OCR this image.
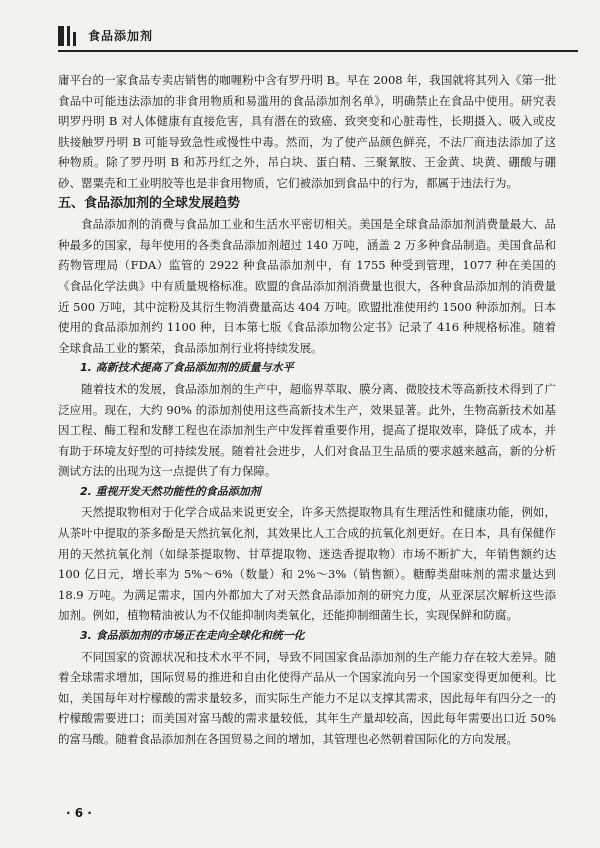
食品添加剂

庸平台的一家食品专卖店销售的咖喱粉中含有罗丹明 B。早在 2008 年，我国就将其列入《第一批食品中可能违法添加的非食用物质和易滥用的食品添加剂名单》，明确禁止在食品中使用。研究表明罗丹明 B 对人体健康有直接危害，具有潜在的致癌、致突变和心脏毒性，长期摄入、吸入或皮肤接触罗丹明 B 可能导致急性或慢性中毒。然而，为了使产品颜色鲜亮，不法厂商违法添加了这种物质。除了罗丹明 B 和苏丹红之外，吊白块、蛋白精、三聚氰胺、王金黄、块黄、硼酸与硼砂、罂粟壳和工业明胶等也是非食用物质，它们被添加到食品中的行为，都属于违法行为。

五、食品添加剂的全球发展趋势

食品添加剂的消费与食品加工业和生活水平密切相关。美国是全球食品添加剂消费量最大、品种最多的国家，每年使用的各类食品添加剂超过 140 万吨，涵盖 2 万多种食品制造。美国食品和药物管理局（FDA）监管的 2922 种食品添加剂中，有 1755 种受到管理，1077 种在美国的《食品化学法典》中有质量规格标准。欧盟的食品添加剂消费量也很大，各种食品添加剂的消费量近 500 万吨，其中淀粉及其衍生物消费量高达 404 万吨。欧盟批准使用约 1500 种添加剂。日本使用的食品添加剂约 1100 种，日本第七版《食品添加物公定书》记录了 416 种规格标准。随着全球食品工业的繁荣，食品添加剂行业将持续发展。

1. 高新技术提高了食品添加剂的质量与水平

随着技术的发展，食品添加剂的生产中，超临界萃取、膜分离、微胶技术等高新技术得到了广泛应用。现在，大约 90% 的添加剂使用这些高新技术生产，效果显著。此外，生物高新技术如基因工程、酶工程和发酵工程也在添加剂生产中发挥着重要作用，提高了提取效率，降低了成本，并有助于环境友好型的可持续发展。随着社会进步，人们对食品卫生品质的要求越来越高，新的分析测试方法的出现为这一点提供了有力保障。

2. 重视开发天然功能性的食品添加剂

天然提取物相对于化学合成品来说更安全，许多天然提取物具有生理活性和健康功能，例如，从茶叶中提取的茶多酚是天然抗氧化剂，其效果比人工合成的抗氧化剂更好。在日本，具有保健作用的天然抗氧化剂（如绿茶提取物、甘草提取物、迷迭香提取物）市场不断扩大，年销售额约达 100 亿日元，增长率为 5%～6%（数量）和 2%～3%（销售额）。糖醇类甜味剂的需求量达到 18.9 万吨。为满足需求，国内外都加大了对天然食品添加剂的研究力度，从亚深层次解析这些添加剂。例如，植物精油被认为不仅能抑制肉类氧化，还能抑制细菌生长，实现保鲜和防腐。

3. 食品添加剂的市场正在走向全球化和统一化

不同国家的资源状况和技术水平不同，导致不同国家食品添加剂的生产能力存在较大差异。随着全球需求增加，国际贸易的推进和自由化使得产品从一个国家流向另一个国家变得更加便利。比如，美国每年对柠檬酸的需求量较多，而实际生产能力不足以支撑其需求，因此每年有四分之一的柠檬酸需要进口；而美国对富马酸的需求量较低，其年生产量却较高，因此每年需要出口近 50% 的富马酸。随着食品添加剂在各国贸易之间的增加，其管理也必然朝着国际化的方向发展。

· 6 ·
